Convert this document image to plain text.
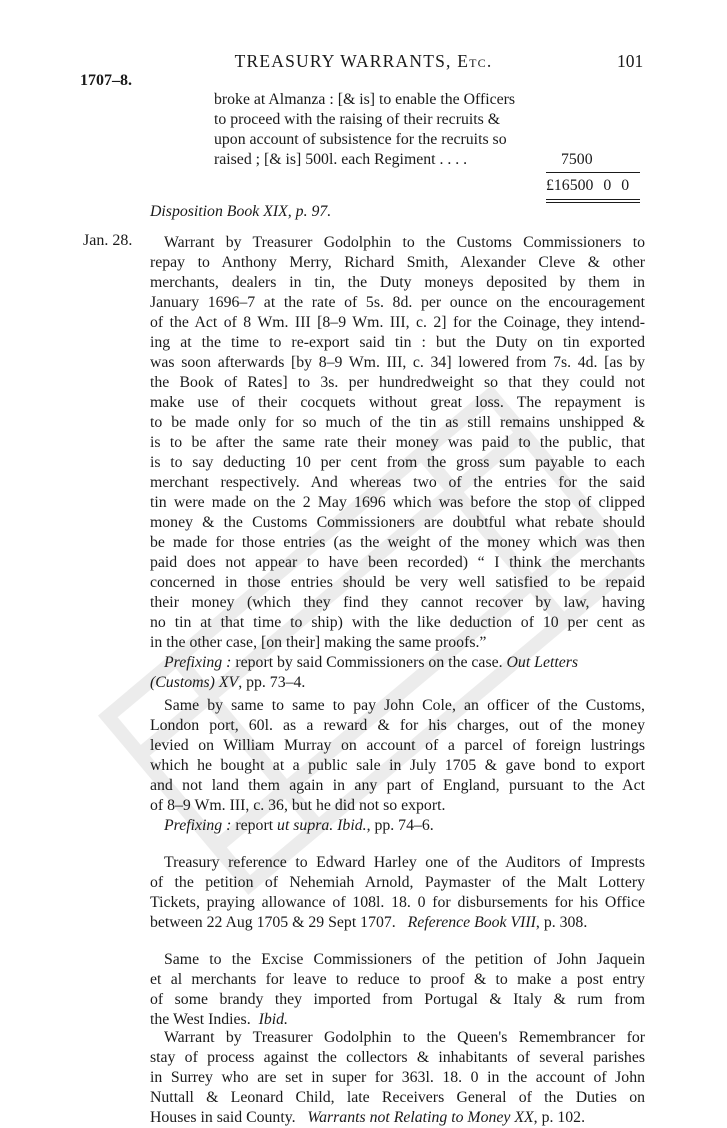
TREASURY WARRANTS, Etc.	101
1707–8.
broke at Almanza : [& is] to enable the Officers
to proceed with the raising of their recruits &
upon account of subsistence for the recruits so
raised ; [& is] 500l. each Regiment . . . .	7500
£16500 0 0
Disposition Book XIX, p. 97.
Jan. 28.	Warrant by Treasurer Godolphin to the Customs Commissioners to

repay to Anthony Merry, Richard Smith, Alexander Cleve & other

merchants, dealers in tin, the Duty moneys deposited by them in

January 1696–7 at the rate of 5s. 8d. per ounce on the encouragement

of the Act of 8 Wm. III [8–9 Wm. III, c. 2] for the Coinage, they intend-

ing at the time to re-export said tin : but the Duty on tin exported

was soon afterwards [by 8–9 Wm. III, c. 34] lowered from 7s. 4d. [as by

the Book of Rates] to 3s. per hundredweight so that they could not

make use of their cocquets without great loss. The repayment is

to be made only for so much of the tin as still remains unshipped &

is to be after the same rate their money was paid to the public, that

is to say deducting 10 per cent from the gross sum payable to each

merchant respectively. And whereas two of the entries for the said

tin were made on the 2 May 1696 which was before the stop of clipped

money & the Customs Commissioners are doubtful what rebate should

be made for those entries (as the weight of the money which was then

paid does not appear to have been recorded) “ I think the merchants

concerned in those entries should be very well satisfied to be repaid

their money (which they find they cannot recover by law, having

no tin at that time to ship) with the like deduction of 10 per cent as

in the other case, [on their] making the same proofs.”

Prefixing : report by said Commissioners on the case. Out Letters

(Customs) XV, pp. 73–4.

Same by same to same to pay John Cole, an officer of the Customs,

London port, 60l. as a reward & for his charges, out of the money

levied on William Murray on account of a parcel of foreign lustrings

which he bought at a public sale in July 1705 & gave bond to export

and not land them again in any part of England, pursuant to the Act

of 8–9 Wm. III, c. 36, but he did not so export.

Prefixing : report ut supra. Ibid., pp. 74–6.

Treasury reference to Edward Harley one of the Auditors of Imprests

of the petition of Nehemiah Arnold, Paymaster of the Malt Lottery

Tickets, praying allowance of 108l. 18. 0 for disbursements for his Office

between 22 Aug 1705 & 29 Sept 1707. Reference Book VIII, p. 308.

Same to the Excise Commissioners of the petition of John Jaquein

et al merchants for leave to reduce to proof & to make a post entry

of some brandy they imported from Portugal & Italy & rum from

the West Indies. Ibid.

Warrant by Treasurer Godolphin to the Queen's Remembrancer for

stay of process against the collectors & inhabitants of several parishes

in Surrey who are set in super for 363l. 18. 0 in the account of John

Nuttall & Leonard Child, late Receivers General of the Duties on

Houses in said County. Warrants not Relating to Money XX, p. 102.
